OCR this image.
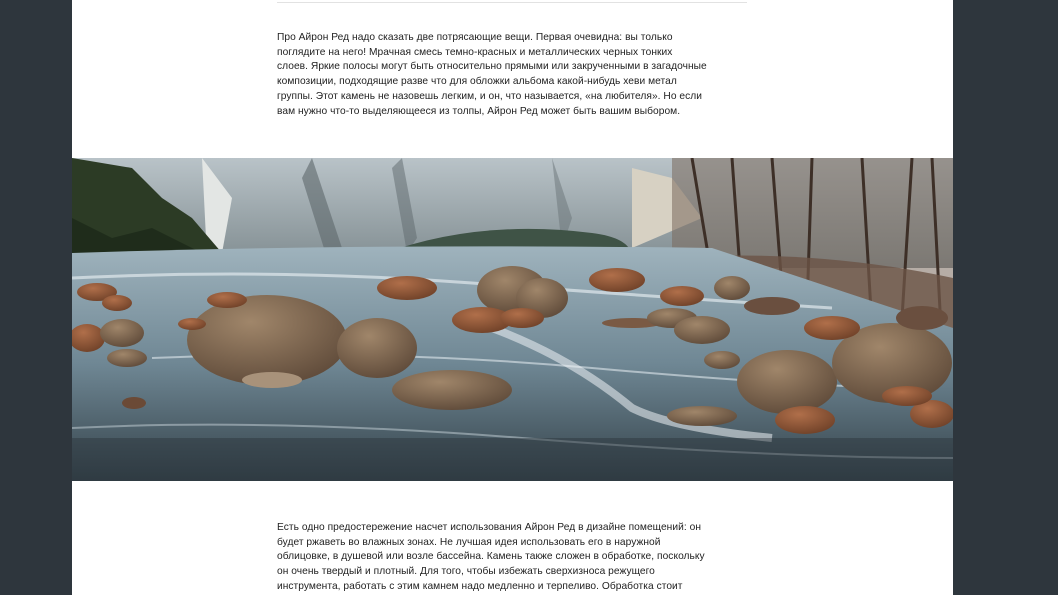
Про Айрон Ред надо сказать две потрясающие вещи. Первая очевидна: вы только
поглядите на него! Мрачная смесь темно-красных и металлических черных тонких
слоев. Яркие полосы могут быть относительно прямыми или закрученными в загадочные
композиции, подходящие разве что для обложки альбома какой-нибудь хеви метал
группы. Этот камень не назовешь легким, и он, что называется, «на любителя». Но если
вам нужно что-то выделяющееся из толпы, Айрон Ред может быть вашим выбором.

Есть одно предостережение насчет использования Айрон Ред в дизайне помещений: он
будет ржаветь во влажных зонах. Не лучшая идея использовать его в наружной
облицовке, в душевой или возле бассейна. Камень также сложен в обработке, поскольку
он очень твердый и плотный. Для того, чтобы избежать сверхизноса режущего
инструмента, работать с этим камнем надо медленно и терпеливо. Обработка стоит
